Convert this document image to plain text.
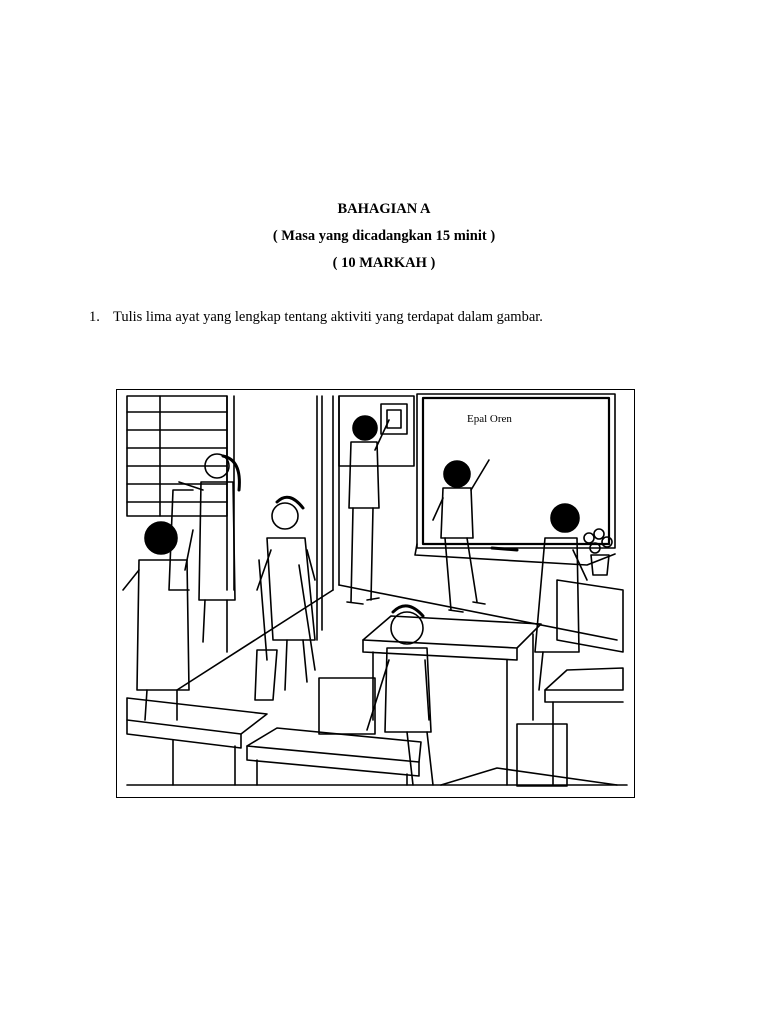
BAHAGIAN A
( Masa yang dicadangkan 15 minit )
( 10 MARKAH )
1. Tulis lima ayat yang lengkap tentang aktiviti yang terdapat dalam gambar.
Epal Oren
